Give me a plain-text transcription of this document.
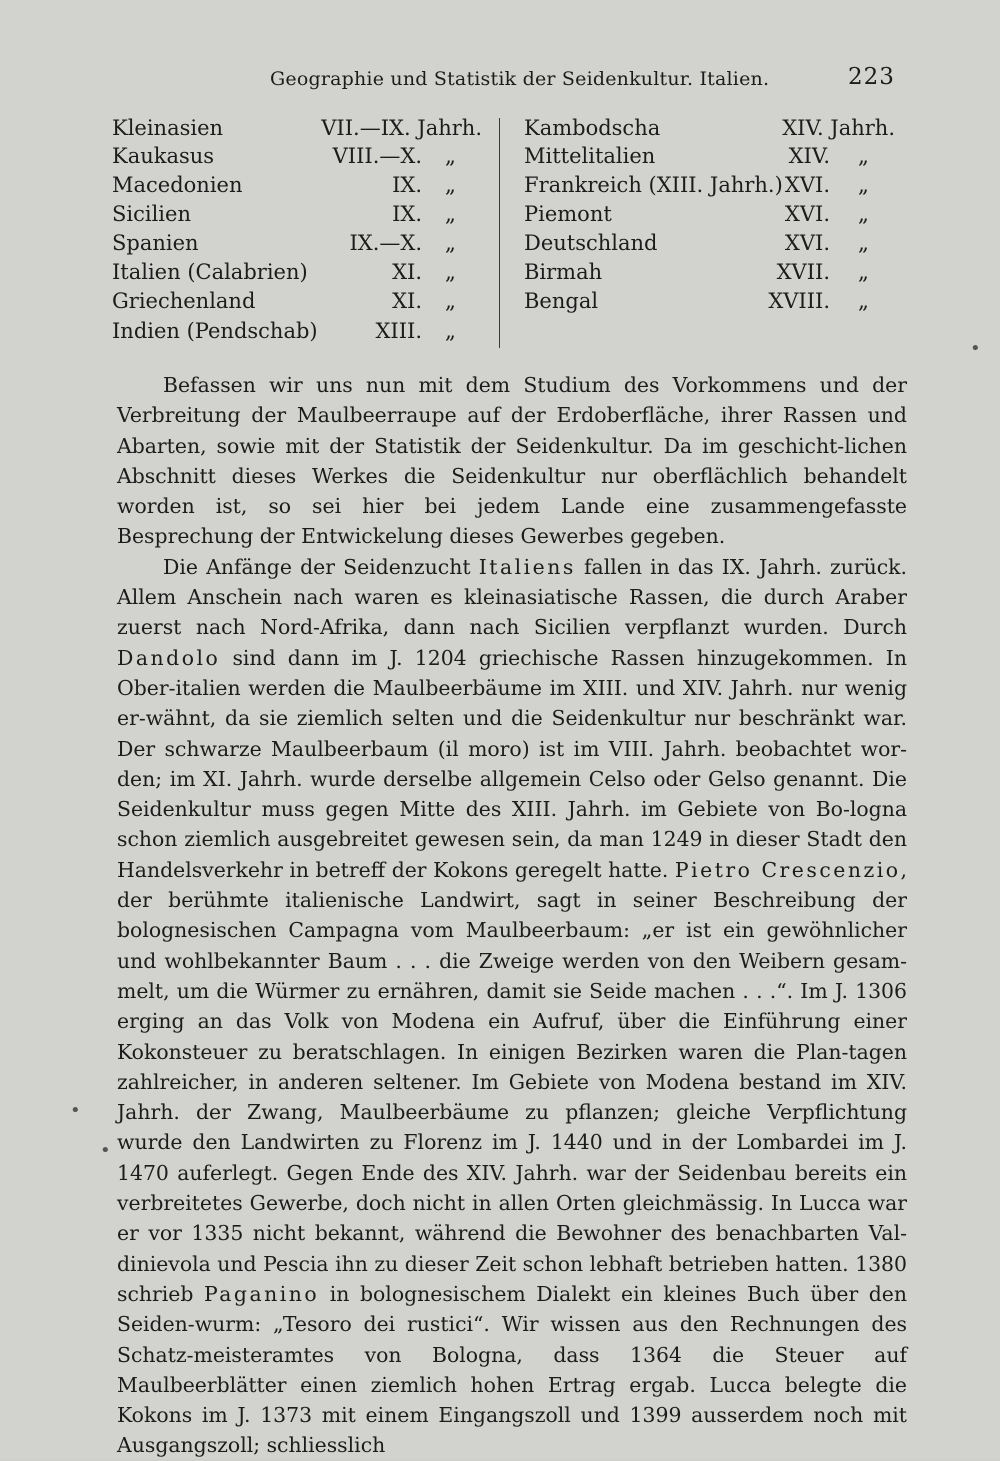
Geographie und Statistik der Seidenkultur. Italien.	223
Kleinasien	VII.—IX. Jahrh.
Kaukasus	VIII.—X. „
Macedonien	IX. „
Sicilien	IX. „
Spanien	IX.—X. „
Italien (Calabrien)	XI. „
Griechenland	XI. „
Indien (Pendschab)	XIII. „
Kambodscha	XIV. Jahrh.
Mittelitalien	XIV. „
Frankreich (XIII. Jahrh.) XVI. „
Piemont	XVI. „
Deutschland	XVI. „
Birmah	XVII. „
Bengal	XVIII. „

Befassen wir uns nun mit dem Studium des Vorkommens und der Verbreitung der Maulbeerraupe auf der Erdoberfläche, ihrer Rassen und Abarten, sowie mit der Statistik der Seidenkultur. Da im geschicht-lichen Abschnitt dieses Werkes die Seidenkultur nur oberflächlich behandelt worden ist, so sei hier bei jedem Lande eine zusammengefasste Besprechung der Entwickelung dieses Gewerbes gegeben.

Die Anfänge der Seidenzucht Italiens fallen in das IX. Jahrh. zurück. Allem Anschein nach waren es kleinasiatische Rassen, die durch Araber zuerst nach Nord-Afrika, dann nach Sicilien verpflanzt wurden. Durch Dandolo sind dann im J. 1204 griechische Rassen hinzugekommen. In Ober-italien werden die Maulbeerbäume im XIII. und XIV. Jahrh. nur wenig er-wähnt, da sie ziemlich selten und die Seidenkultur nur beschränkt war. Der schwarze Maulbeerbaum (il moro) ist im VIII. Jahrh. beobachtet wor-den; im XI. Jahrh. wurde derselbe allgemein Celso oder Gelso genannt. Die Seidenkultur muss gegen Mitte des XIII. Jahrh. im Gebiete von Bo-logna schon ziemlich ausgebreitet gewesen sein, da man 1249 in dieser Stadt den Handelsverkehr in betreff der Kokons geregelt hatte. Pietro Crescenzio, der berühmte italienische Landwirt, sagt in seiner Beschreibung der bolognesischen Campagna vom Maulbeerbaum: „er ist ein gewöhnlicher und wohlbekannter Baum . . . die Zweige werden von den Weibern gesam-melt, um die Würmer zu ernähren, damit sie Seide machen . . .“. Im J. 1306 erging an das Volk von Modena ein Aufruf, über die Einführung einer Kokonsteuer zu beratschlagen. In einigen Bezirken waren die Plan-tagen zahlreicher, in anderen seltener. Im Gebiete von Modena bestand im XIV. Jahrh. der Zwang, Maulbeerbäume zu pflanzen; gleiche Verpflichtung wurde den Landwirten zu Florenz im J. 1440 und in der Lombardei im J. 1470 auferlegt. Gegen Ende des XIV. Jahrh. war der Seidenbau bereits ein verbreitetes Gewerbe, doch nicht in allen Orten gleichmässig. In Lucca war er vor 1335 nicht bekannt, während die Bewohner des benachbarten Val-dinievola und Pescia ihn zu dieser Zeit schon lebhaft betrieben hatten. 1380 schrieb Paganino in bolognesischem Dialekt ein kleines Buch über den Seiden-wurm: „Tesoro dei rustici“. Wir wissen aus den Rechnungen des Schatz-meisteramtes von Bologna, dass 1364 die Steuer auf Maulbeerblätter einen ziemlich hohen Ertrag ergab. Lucca belegte die Kokons im J. 1373 mit einem Eingangszoll und 1399 ausserdem noch mit Ausgangszoll; schliesslich

•
•
•
